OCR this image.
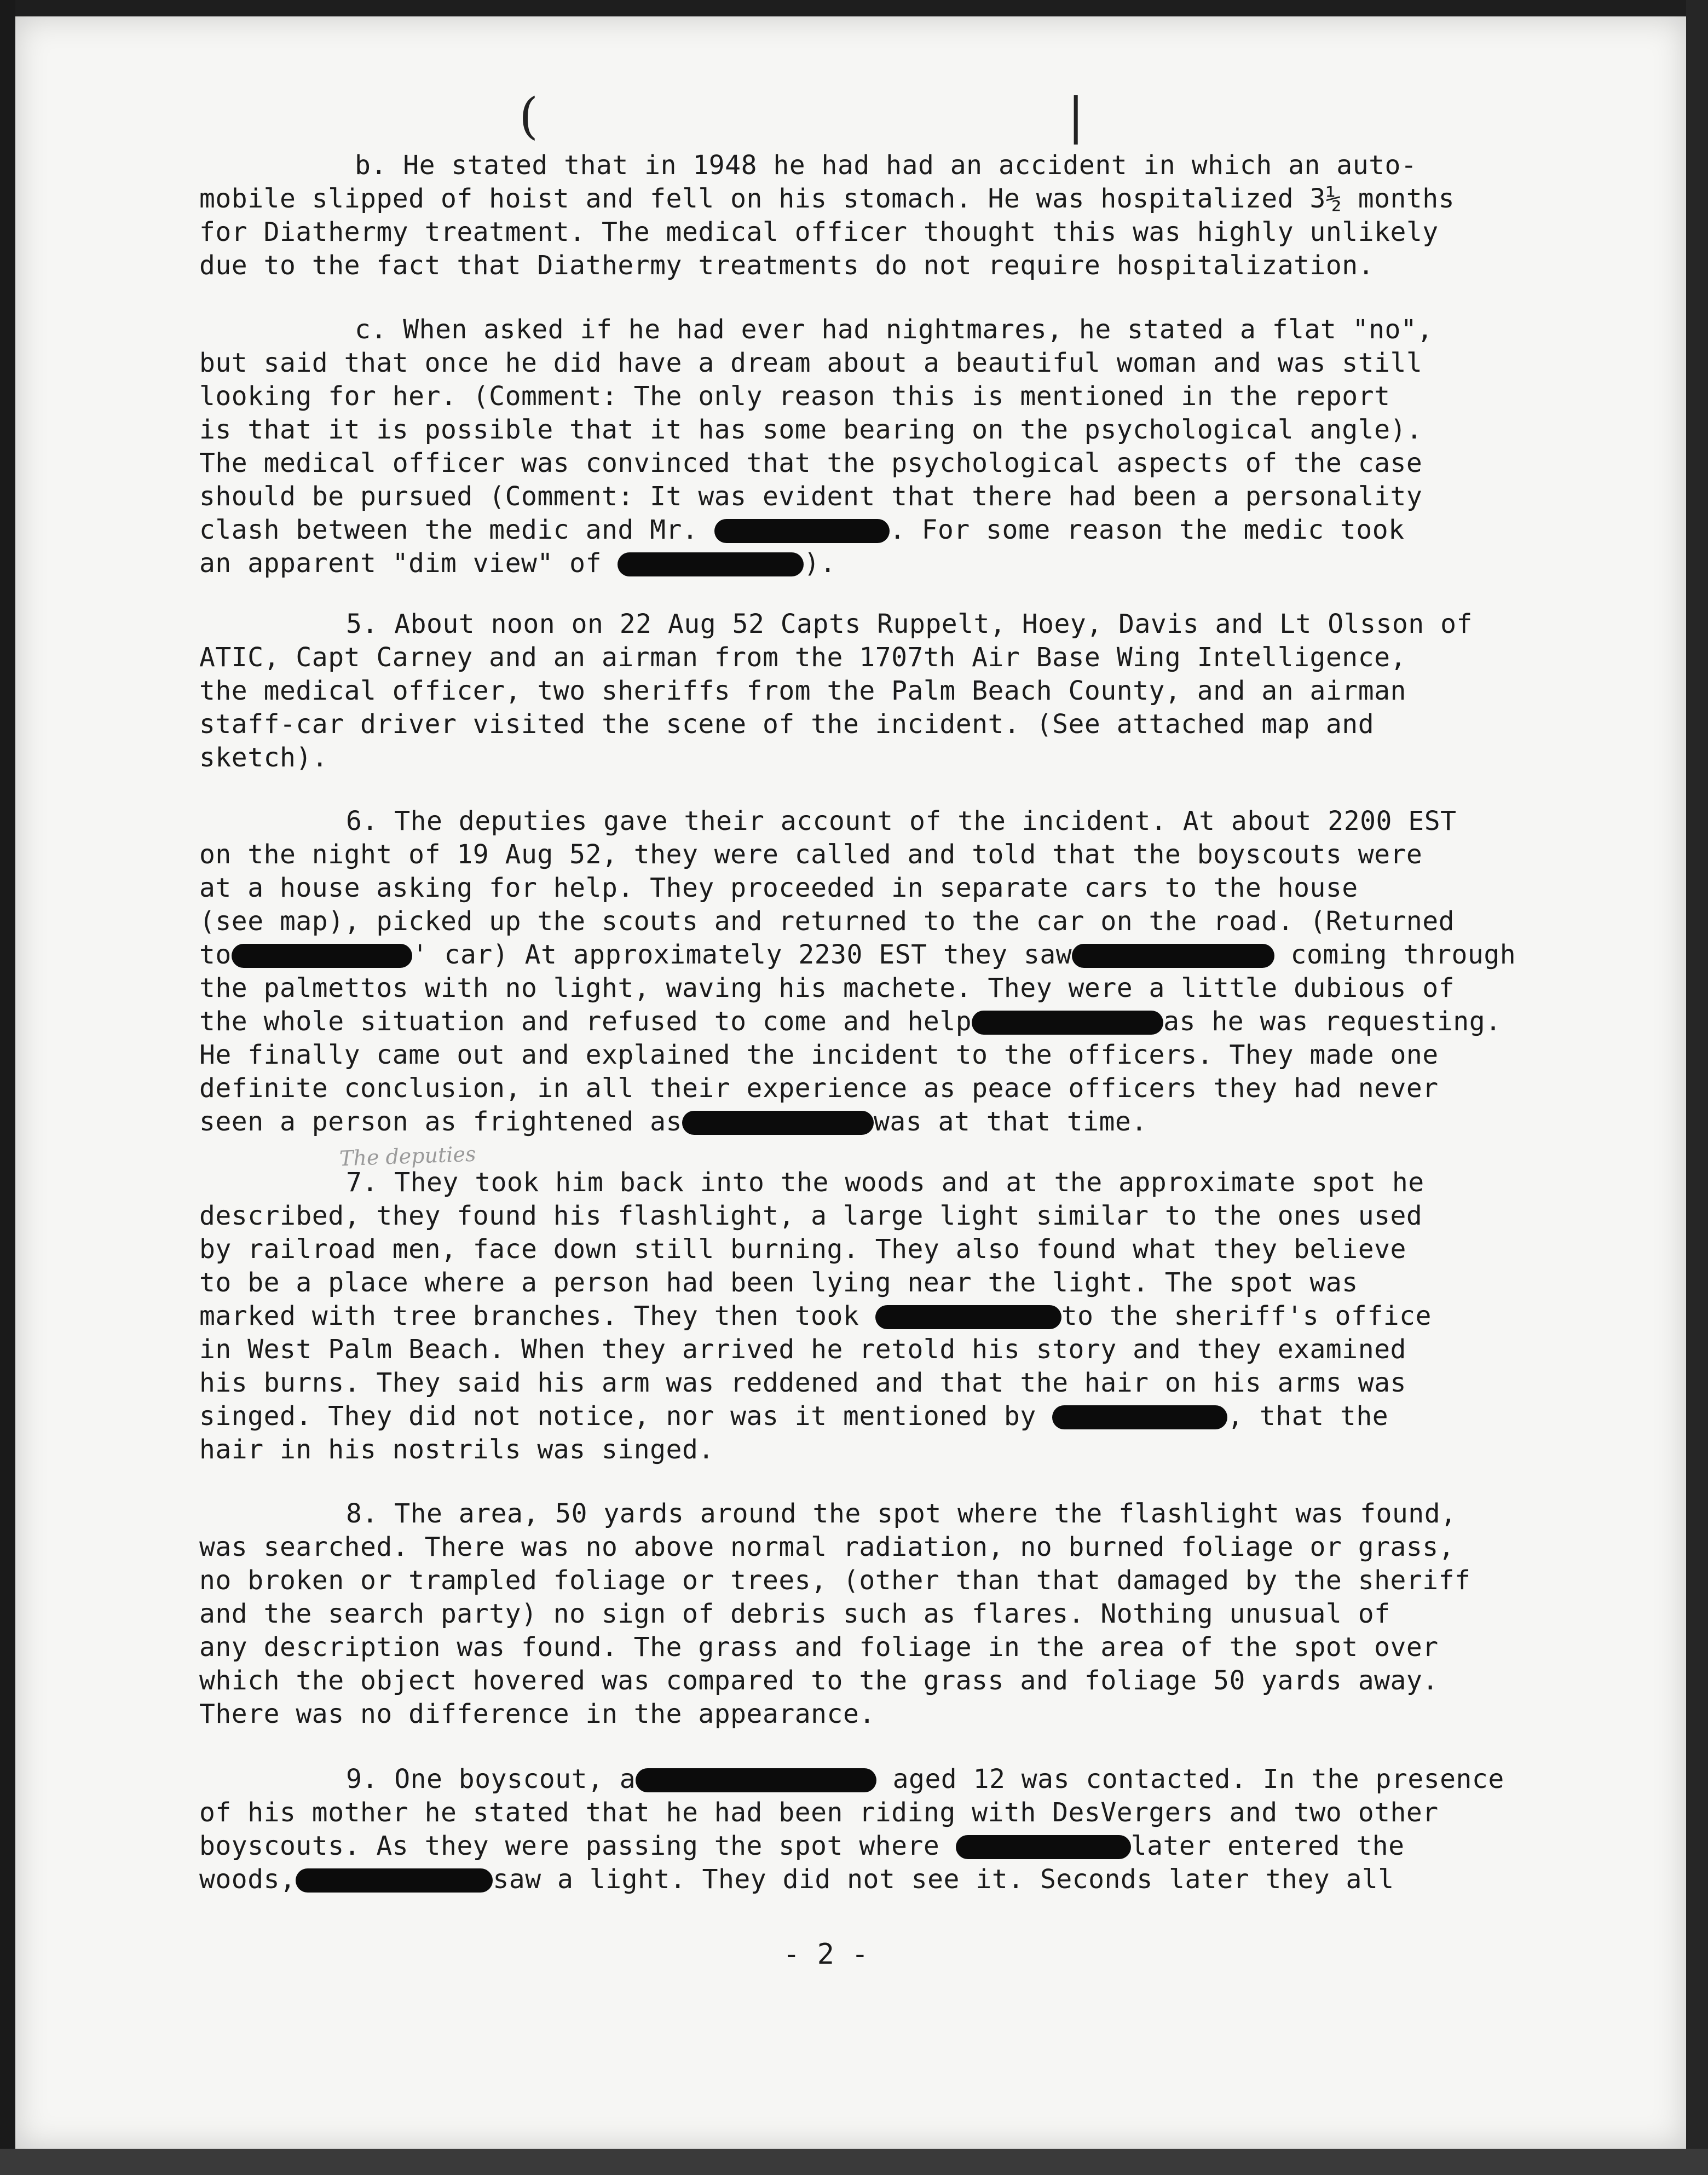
(	|
b. He stated that in 1948 he had had an accident in which an auto-
mobile slipped of hoist and fell on his stomach. He was hospitalized 3½ months
for Diathermy treatment. The medical officer thought this was highly unlikely
due to the fact that Diathermy treatments do not require hospitalization.
c. When asked if he had ever had nightmares, he stated a flat "no",
but said that once he did have a dream about a beautiful woman and was still
looking for her. (Comment: The only reason this is mentioned in the report
is that it is possible that it has some bearing on the psychological angle).
The medical officer was convinced that the psychological aspects of the case
should be pursued (Comment: It was evident that there had been a personality
clash between the medic and Mr.	. For some reason the medic took
an apparent "dim view" of	).
5. About noon on 22 Aug 52 Capts Ruppelt, Hoey, Davis and Lt Olsson of
ATIC, Capt Carney and an airman from the 1707th Air Base Wing Intelligence,
the medical officer, two sheriffs from the Palm Beach County, and an airman
staff-car driver visited the scene of the incident. (See attached map and
sketch).
6. The deputies gave their account of the incident. At about 2200 EST
on the night of 19 Aug 52, they were called and told that the boyscouts were
at a house asking for help. They proceeded in separate cars to the house
(see map), picked up the scouts and returned to the car on the road. (Returned
to	' car) At approximately 2230 EST they saw	coming through
the palmettos with no light, waving his machete. They were a little dubious of
the whole situation and refused to come and help	as he was requesting.
He finally came out and explained the incident to the officers. They made one
definite conclusion, in all their experience as peace officers they had never
seen a person as frightened as	was at that time.
The deputies
7. They took him back into the woods and at the approximate spot he
described, they found his flashlight, a large light similar to the ones used
by railroad men, face down still burning. They also found what they believe
to be a place where a person had been lying near the light. The spot was
marked with tree branches. They then took	to the sheriff's office
in West Palm Beach. When they arrived he retold his story and they examined
his burns. They said his arm was reddened and that the hair on his arms was
singed. They did not notice, nor was it mentioned by	, that the
hair in his nostrils was singed.
8. The area, 50 yards around the spot where the flashlight was found,
was searched. There was no above normal radiation, no burned foliage or grass,
no broken or trampled foliage or trees, (other than that damaged by the sheriff
and the search party) no sign of debris such as flares. Nothing unusual of
any description was found. The grass and foliage in the area of the spot over
which the object hovered was compared to the grass and foliage 50 yards away.
There was no difference in the appearance.
9. One boyscout, a	aged 12 was contacted. In the presence
of his mother he stated that he had been riding with DesVergers and two other
boyscouts. As they were passing the spot where	later entered the
woods,	saw a light. They did not see it. Seconds later they all
- 2 -
